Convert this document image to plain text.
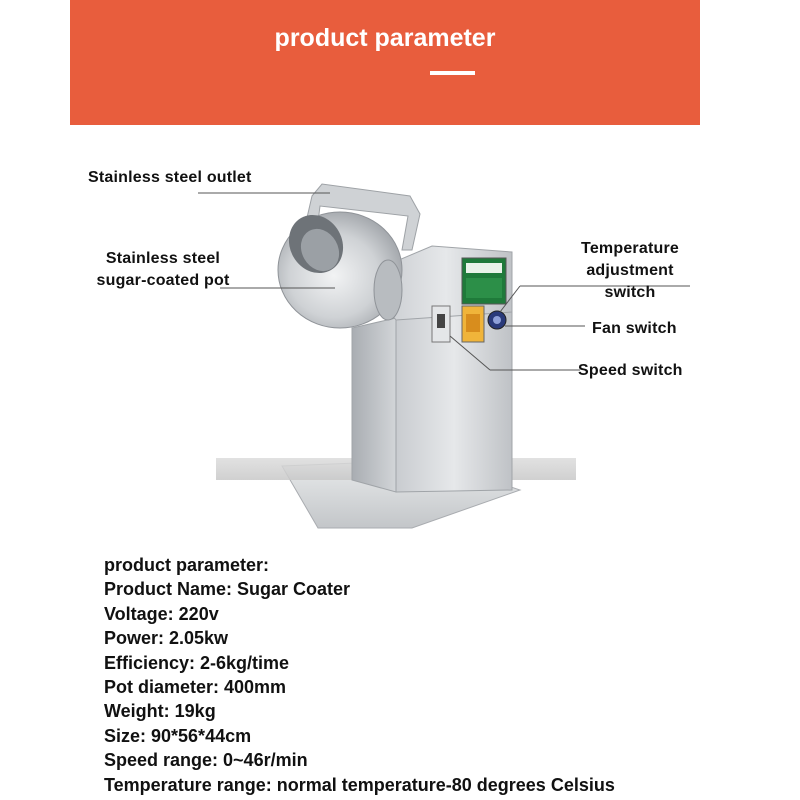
product parameter
Stainless steel outlet
Stainless steel
sugar-coated pot
Temperature
adjustment
switch
Fan switch
Speed switch
product parameter:
Product Name: Sugar Coater
Voltage: 220v
Power: 2.05kw
Efficiency: 2-6kg/time
Pot diameter: 400mm
Weight: 19kg
Size: 90*56*44cm
Speed range: 0~46r/min
Temperature range: normal temperature-80 degrees Celsius
